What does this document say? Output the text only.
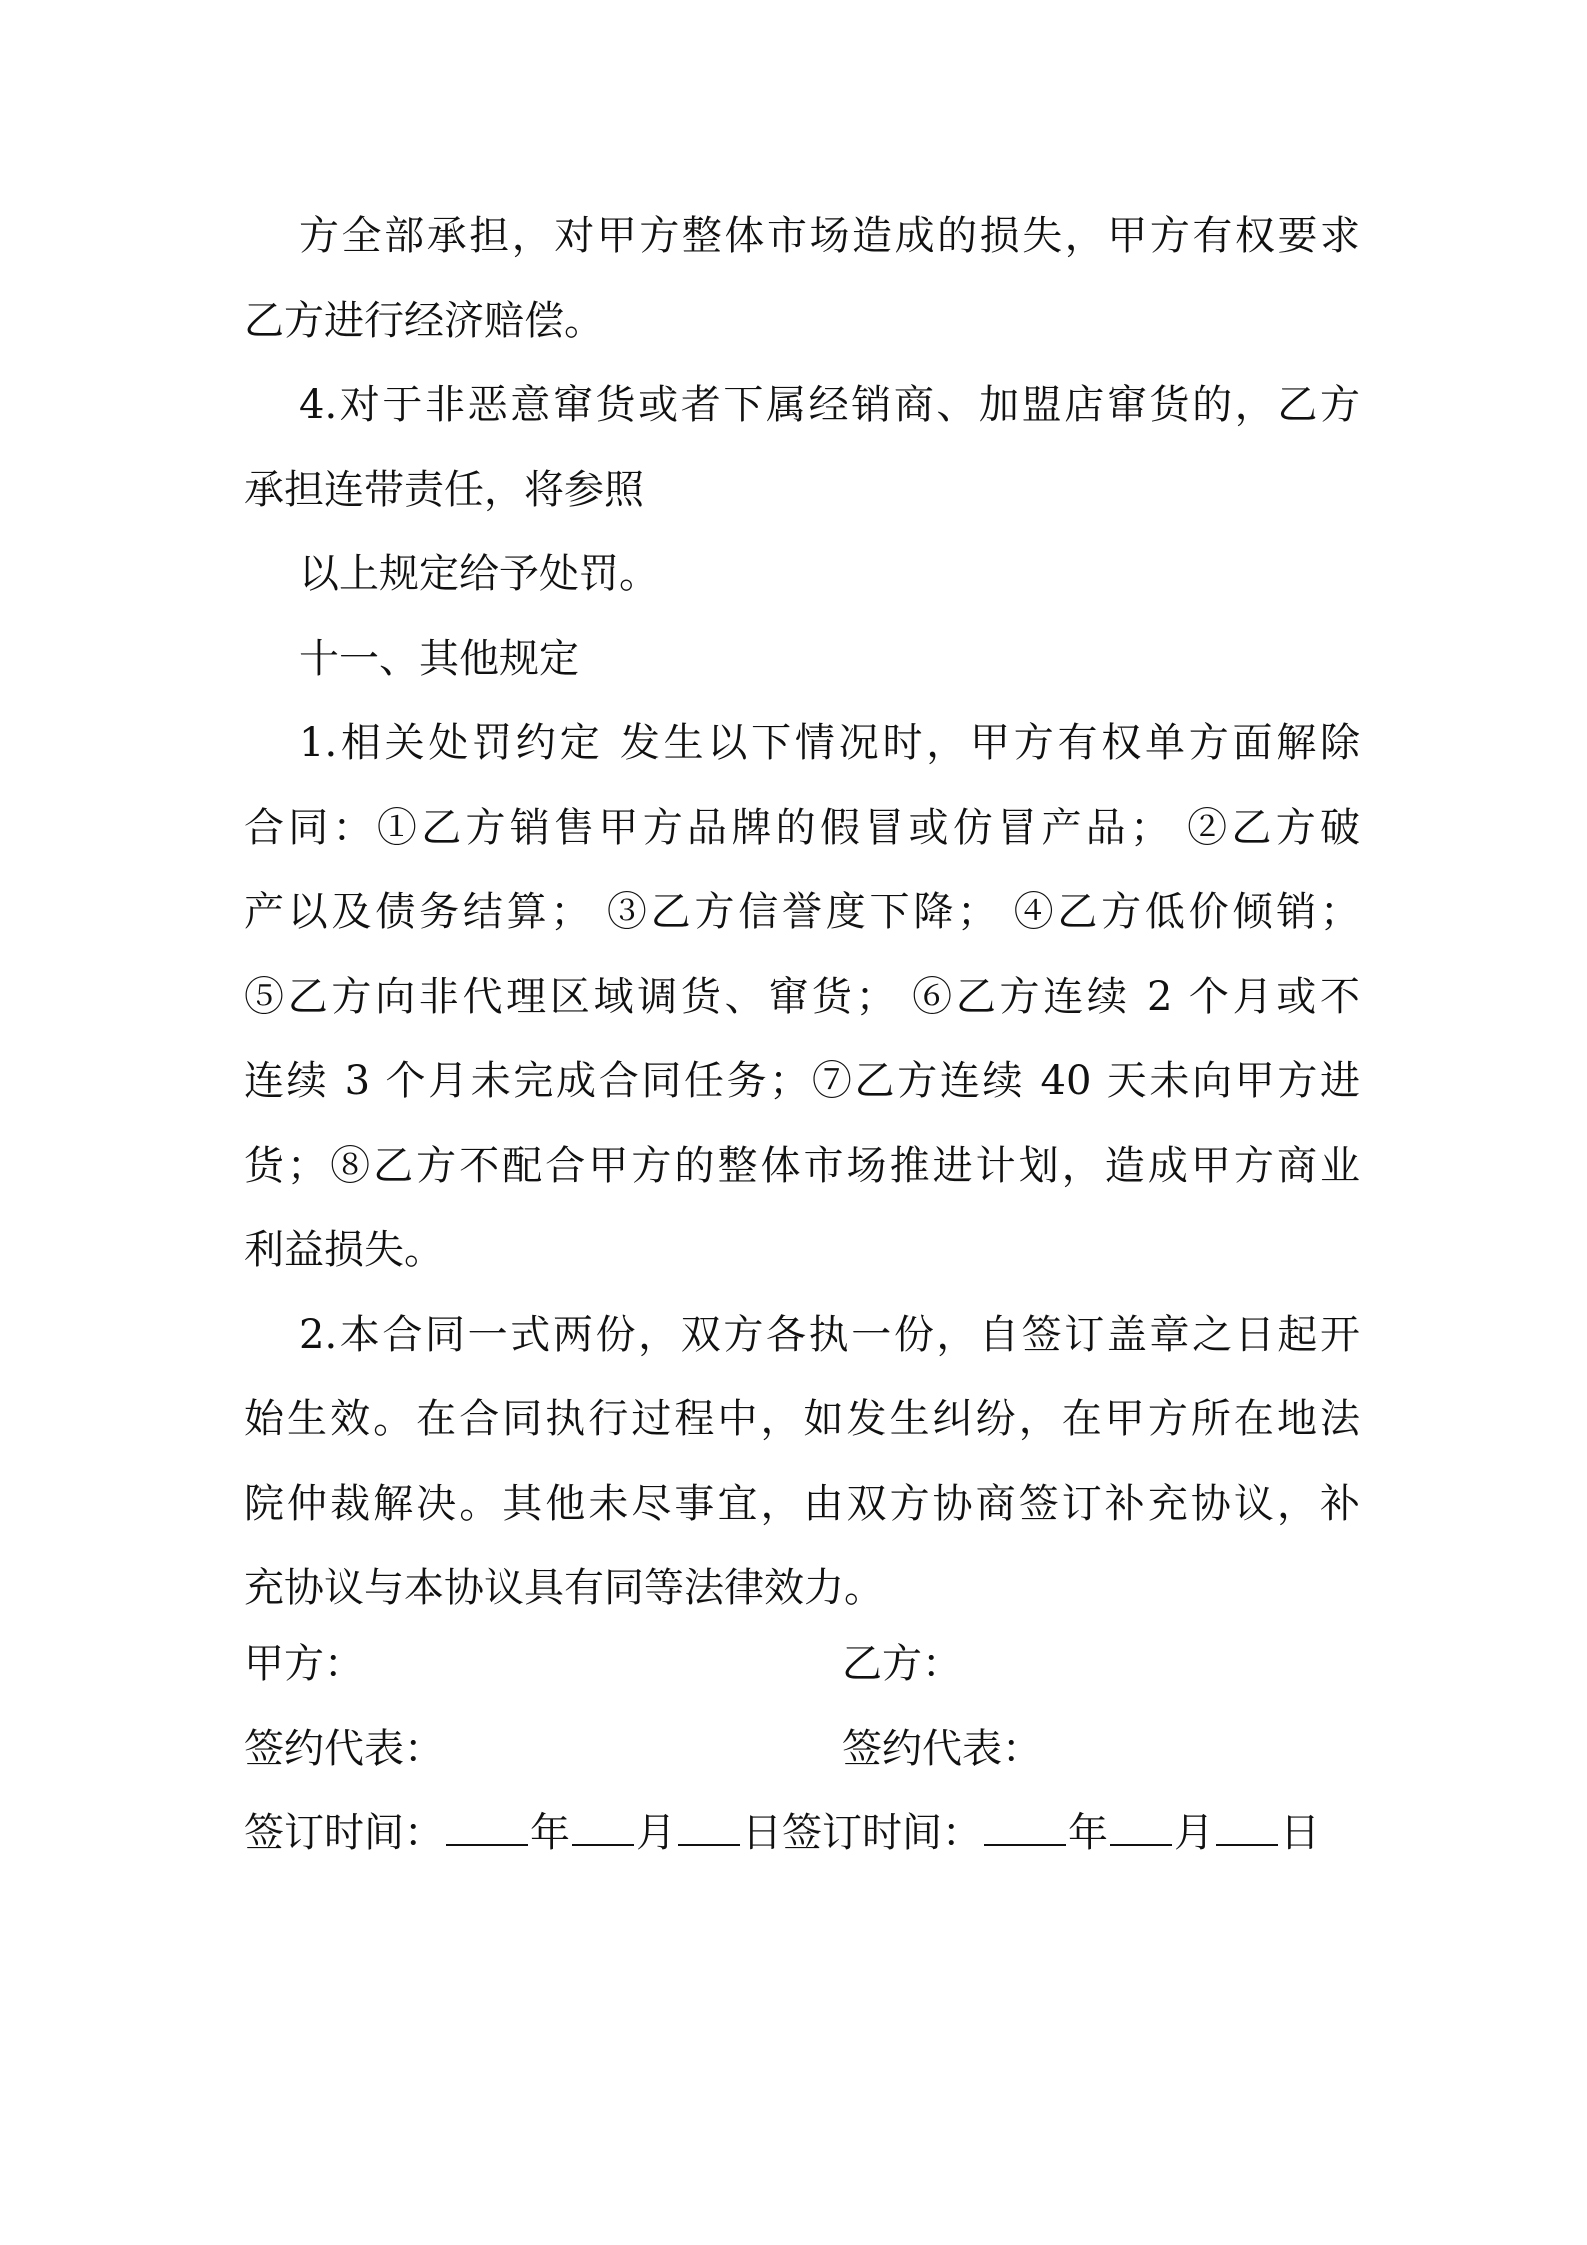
方全部承担，对甲方整体市场造成的损失，甲方有权要求
乙方进行经济赔偿。
4.对于非恶意窜货或者下属经销商、加盟店窜货的，乙方
承担连带责任，将参照
以上规定给予处罚。
十一、其他规定
1.相关处罚约定 发生以下情况时，甲方有权单方面解除
合同：①乙方销售甲方品牌的假冒或仿冒产品； ②乙方破
产以及债务结算； ③乙方信誉度下降； ④乙方低价倾销；
⑤乙方向非代理区域调货、窜货； ⑥乙方连续 2 个月或不
连续 3 个月未完成合同任务；⑦乙方连续 40 天未向甲方进
货；⑧乙方不配合甲方的整体市场推进计划，造成甲方商业
利益损失。
2.本合同一式两份，双方各执一份，自签订盖章之日起开
始生效。在合同执行过程中，如发生纠纷，在甲方所在地法
院仲裁解决。其他未尽事宜，由双方协商签订补充协议，补
充协议与本协议具有同等法律效力。
甲方：	乙方：
签约代表：	签约代表：
签订时间： 年 月 日 签订时间： 年 月 日
